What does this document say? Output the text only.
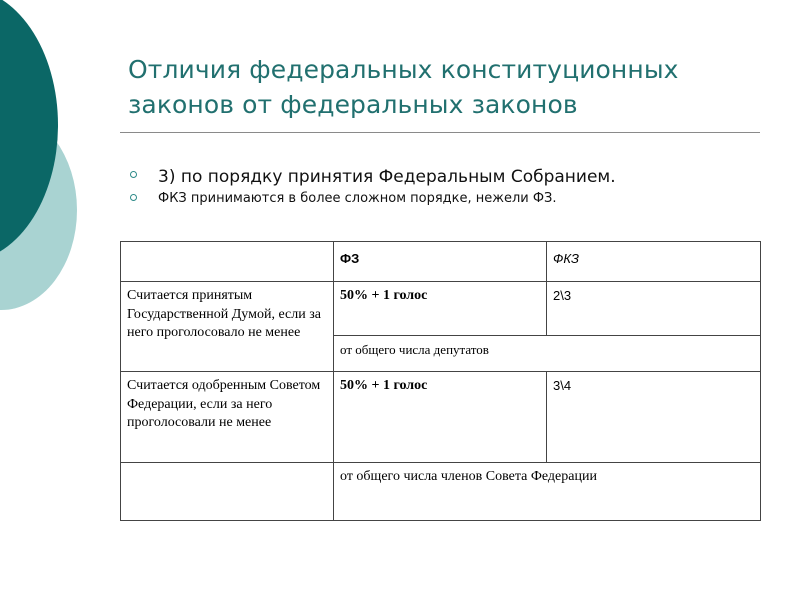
Отличия федеральных конституционных законов от федеральных законов
3) по порядку принятия Федеральным Собранием.
ФКЗ принимаются в более сложном порядке, нежели ФЗ.
	ФЗ	ФКЗ
Считается принятым Государственной Думой, если за него проголосовало не менее	50% + 1 голос	2\3
	от общего числа депутатов	
Считается одобренным Советом Федерации, если за него проголосовали не менее	50% + 1 голос	3\4
	от общего числа членов Совета Федерации	
